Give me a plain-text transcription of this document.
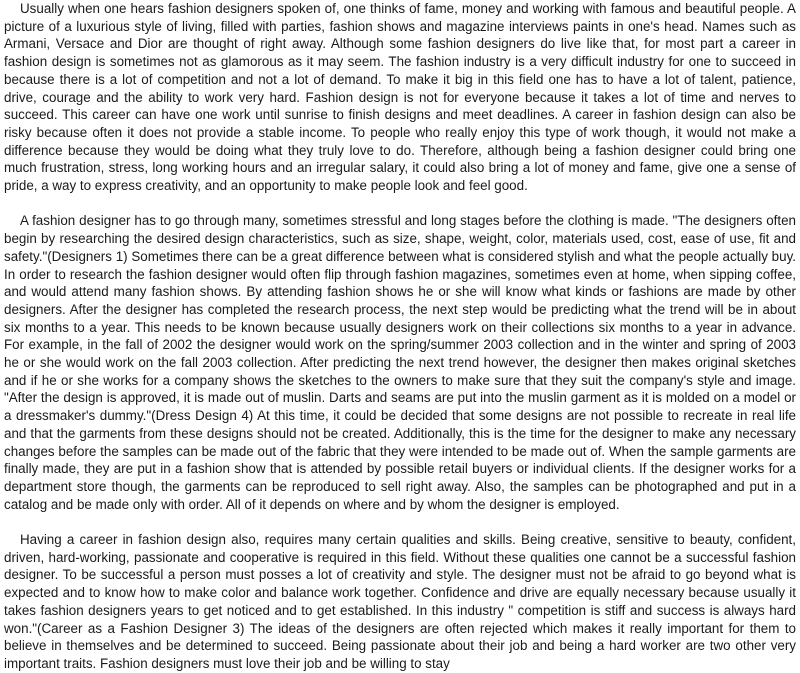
Usually when one hears fashion designers spoken of, one thinks of fame, money and working with famous and beautiful people. A picture of a luxurious style of living, filled with parties, fashion shows and magazine interviews paints in one's head. Names such as Armani, Versace and Dior are thought of right away. Although some fashion designers do live like that, for most part a career in fashion design is sometimes not as glamorous as it may seem. The fashion industry is a very difficult industry for one to succeed in because there is a lot of competition and not a lot of demand. To make it big in this field one has to have a lot of talent, patience, drive, courage and the ability to work very hard. Fashion design is not for everyone because it takes a lot of time and nerves to succeed. This career can have one work until sunrise to finish designs and meet deadlines. A career in fashion design can also be risky because often it does not provide a stable income. To people who really enjoy this type of work though, it would not make a difference because they would be doing what they truly love to do. Therefore, although being a fashion designer could bring one much frustration, stress, long working hours and an irregular salary, it could also bring a lot of money and fame, give one a sense of pride, a way to express creativity, and an opportunity to make people look and feel good.

A fashion designer has to go through many, sometimes stressful and long stages before the clothing is made. "The designers often begin by researching the desired design characteristics, such as size, shape, weight, color, materials used, cost, ease of use, fit and safety."(Designers 1) Sometimes there can be a great difference between what is considered stylish and what the people actually buy. In order to research the fashion designer would often flip through fashion magazines, sometimes even at home, when sipping coffee, and would attend many fashion shows. By attending fashion shows he or she will know what kinds or fashions are made by other designers. After the designer has completed the research process, the next step would be predicting what the trend will be in about six months to a year. This needs to be known because usually designers work on their collections six months to a year in advance. For example, in the fall of 2002 the designer would work on the spring/summer 2003 collection and in the winter and spring of 2003 he or she would work on the fall 2003 collection. After predicting the next trend however, the designer then makes original sketches and if he or she works for a company shows the sketches to the owners to make sure that they suit the company's style and image. "After the design is approved, it is made out of muslin. Darts and seams are put into the muslin garment as it is molded on a model or a dressmaker's dummy."(Dress Design 4) At this time, it could be decided that some designs are not possible to recreate in real life and that the garments from these designs should not be created. Additionally, this is the time for the designer to make any necessary changes before the samples can be made out of the fabric that they were intended to be made out of. When the sample garments are finally made, they are put in a fashion show that is attended by possible retail buyers or individual clients. If the designer works for a department store though, the garments can be reproduced to sell right away. Also, the samples can be photographed and put in a catalog and be made only with order. All of it depends on where and by whom the designer is employed.

Having a career in fashion design also, requires many certain qualities and skills. Being creative, sensitive to beauty, confident, driven, hard-working, passionate and cooperative is required in this field. Without these qualities one cannot be a successful fashion designer. To be successful a person must posses a lot of creativity and style. The designer must not be afraid to go beyond what is expected and to know how to make color and balance work together. Confidence and drive are equally necessary because usually it takes fashion designers years to get noticed and to get established. In this industry " competition is stiff and success is always hard won."(Career as a Fashion Designer 3) The ideas of the designers are often rejected which makes it really important for them to believe in themselves and be determined to succeed. Being passionate about their job and being a hard worker are two other very important traits. Fashion designers must love their job and be willing to stay
